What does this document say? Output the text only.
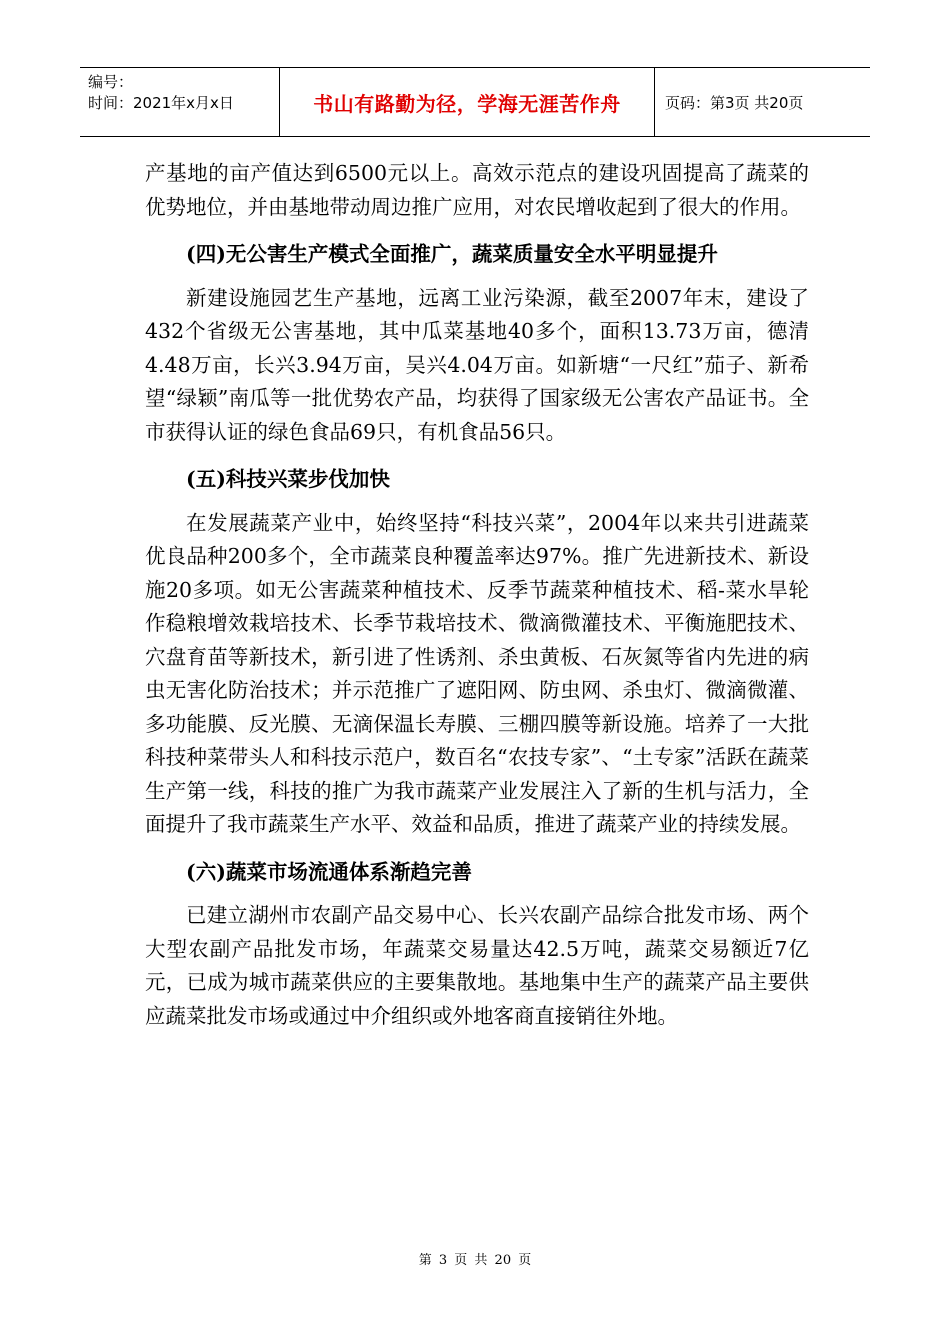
编号：
时间：2021年x月x日	书山有路勤为径，学海无涯苦作舟	页码：第3页 共20页

产基地的亩产值达到6500元以上。高效示范点的建设巩固提高了蔬菜的优势地位，并由基地带动周边推广应用，对农民增收起到了很大的作用。

(四)无公害生产模式全面推广，蔬菜质量安全水平明显提升

新建设施园艺生产基地，远离工业污染源，截至2007年末，建设了432个省级无公害基地，其中瓜菜基地40多个，面积13.73万亩，德清4.48万亩，长兴3.94万亩，吴兴4.04万亩。如新塘“一尺红”茄子、新希望“绿颖”南瓜等一批优势农产品，均获得了国家级无公害农产品证书。全市获得认证的绿色食品69只，有机食品56只。

(五)科技兴菜步伐加快

在发展蔬菜产业中，始终坚持“科技兴菜”，2004年以来共引进蔬菜优良品种200多个，全市蔬菜良种覆盖率达97%。推广先进新技术、新设施20多项。如无公害蔬菜种植技术、反季节蔬菜种植技术、稻-菜水旱轮作稳粮增效栽培技术、长季节栽培技术、微滴微灌技术、平衡施肥技术、穴盘育苗等新技术，新引进了性诱剂、杀虫黄板、石灰氮等省内先进的病虫无害化防治技术；并示范推广了遮阳网、防虫网、杀虫灯、微滴微灌、多功能膜、反光膜、无滴保温长寿膜、三棚四膜等新设施。培养了一大批科技种菜带头人和科技示范户，数百名“农技专家”、“土专家”活跃在蔬菜生产第一线，科技的推广为我市蔬菜产业发展注入了新的生机与活力，全面提升了我市蔬菜生产水平、效益和品质，推进了蔬菜产业的持续发展。

(六)蔬菜市场流通体系渐趋完善

已建立湖州市农副产品交易中心、长兴农副产品综合批发市场、两个大型农副产品批发市场，年蔬菜交易量达42.5万吨，蔬菜交易额近7亿元，已成为城市蔬菜供应的主要集散地。基地集中生产的蔬菜产品主要供应蔬菜批发市场或通过中介组织或外地客商直接销往外地。

第 3 页 共 20 页
